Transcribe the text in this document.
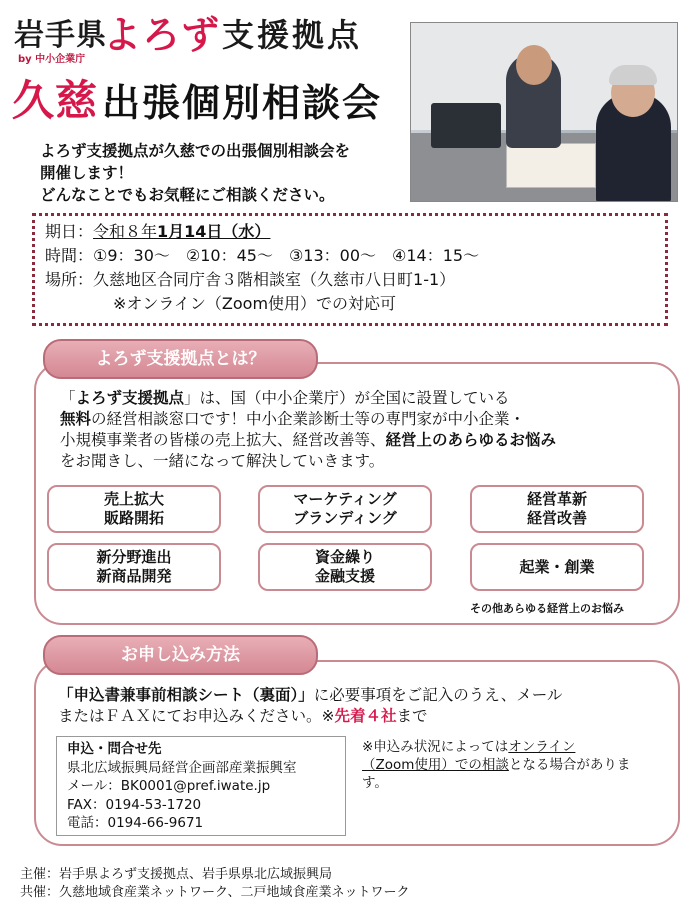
岩手県
by 中小企業庁
よろず 支援拠点
久慈 出張個別相談会
よろず支援拠点が久慈での出張個別相談会を
開催します！
どんなことでもお気軽にご相談ください。
期日：令和８年1月14日（水）
時間：①9：30～　②10：45～　③13：00～　④14：15～
場所：久慈地区合同庁舎３階相談室（久慈市八日町1-1）
※オンライン（Zoom使用）での対応可
よろず支援拠点とは？
「よろず支援拠点」は、国（中小企業庁）が全国に設置している
無料の経営相談窓口です！中小企業診断士等の専門家が中小企業・
小規模事業者の皆様の売上拡大、経営改善等、経営上のあらゆるお悩み
をお聞きし、一緒になって解決していきます。
売上拡大
販路開拓
マーケティング
ブランディング
経営革新
経営改善
新分野進出
新商品開発
資金繰り
金融支援
起業・創業
その他あらゆる経営上のお悩み
お申し込み方法
「申込書兼事前相談シート（裏面）」に必要事項をご記入のうえ、メール
またはＦＡＸにてお申込みください。※先着４社まで
申込・問合せ先
県北広域振興局経営企画部産業振興室
メール：BK0001@pref.iwate.jp
FAX：0194-53-1720
電話：0194-66-9671
※申込み状況によってはオンライン
（Zoom使用）での相談となる場合がありま
す。
主催：岩手県よろず支援拠点、岩手県県北広域振興局
共催：久慈地域食産業ネットワーク、二戸地域食産業ネットワーク
